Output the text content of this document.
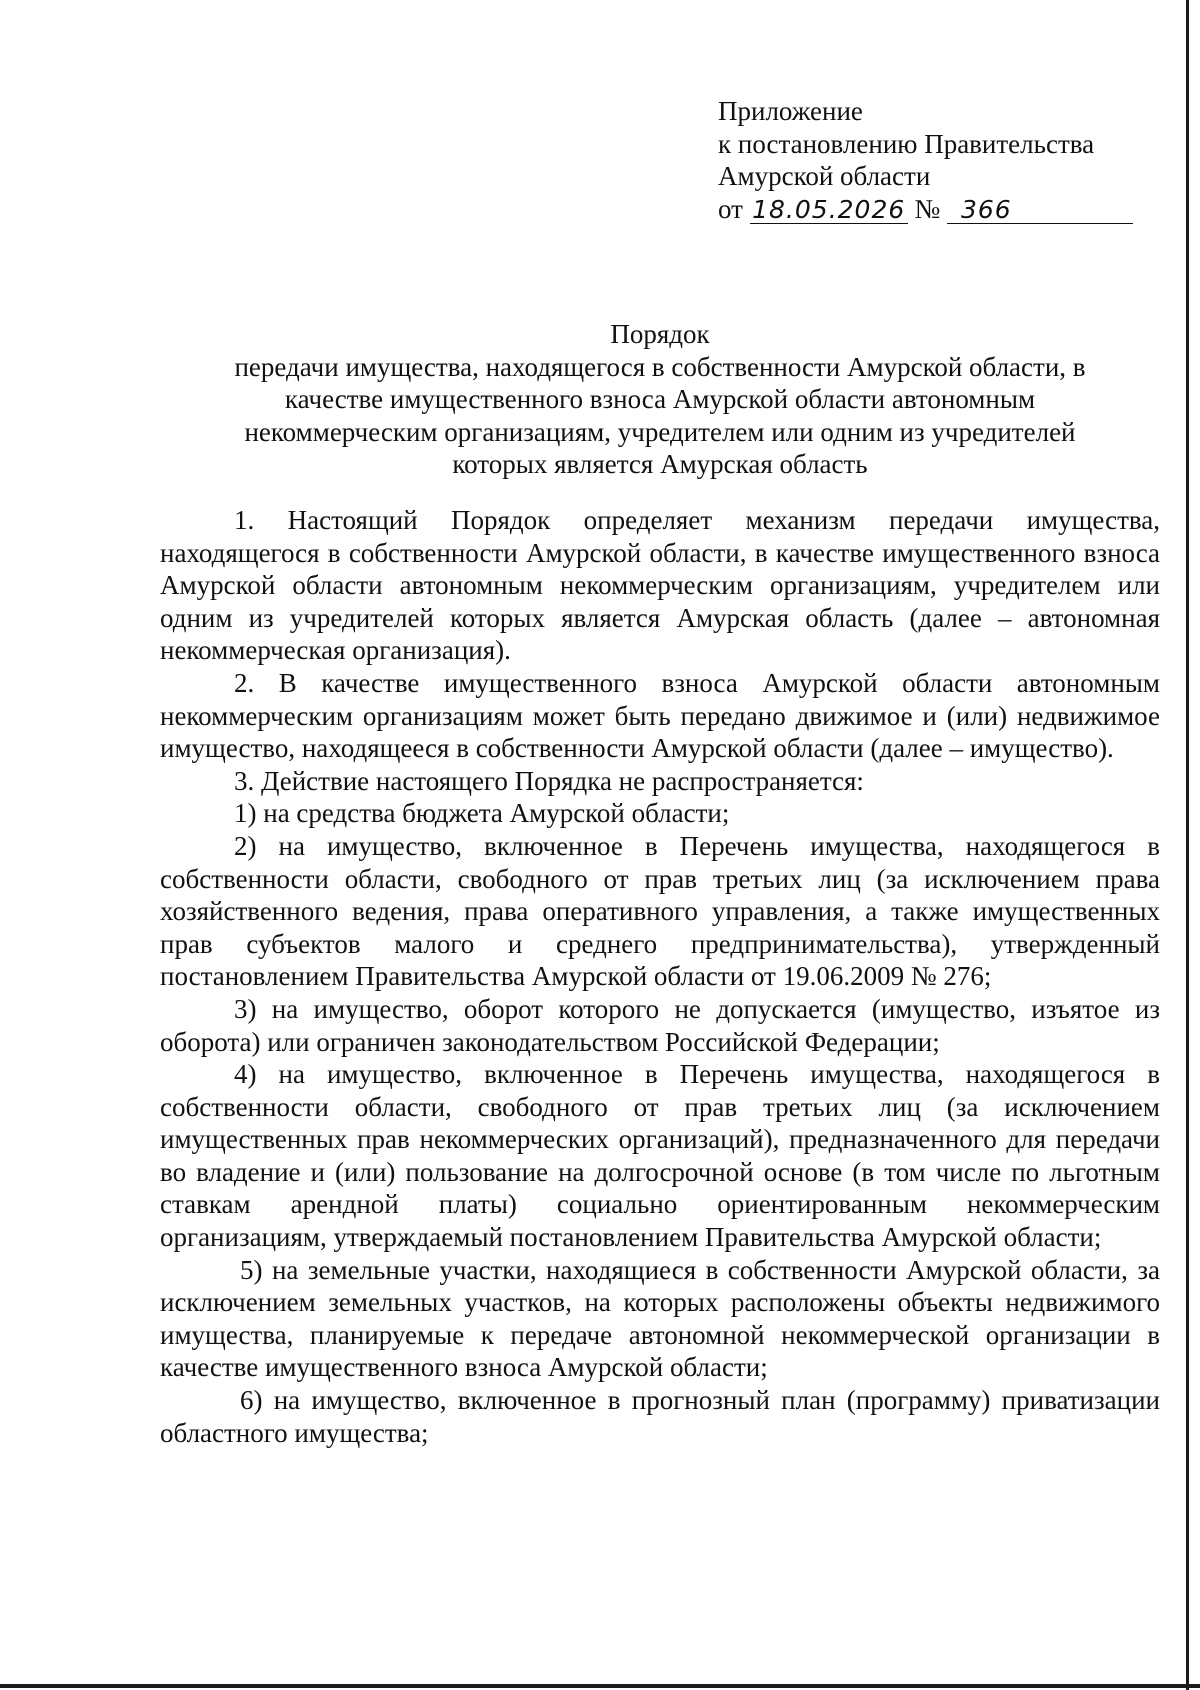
Приложение
к постановлению Правительства
Амурской области
от 18.05.2026 № 366
Порядок
передачи имущества, находящегося в собственности Амурской области, в
качестве имущественного взноса Амурской области автономным
некоммерческим организациям, учредителем или одним из учредителей
которых является Амурская область

1. Настоящий Порядок определяет механизм передачи имущества, находящегося в собственности Амурской области, в качестве имущественного взноса Амурской области автономным некоммерческим организациям, учредителем или одним из учредителей которых является Амурская область (далее – автономная некоммерческая организация).

2. В качестве имущественного взноса Амурской области автономным некоммерческим организациям может быть передано движимое и (или) недвижимое имущество, находящееся в собственности Амурской области (далее – имущество).

3. Действие настоящего Порядка не распространяется:

1) на средства бюджета Амурской области;

2) на имущество, включенное в Перечень имущества, находящегося в собственности области, свободного от прав третьих лиц (за исключением права хозяйственного ведения, права оперативного управления, а также имущественных прав субъектов малого и среднего предпринимательства), утвержденный постановлением Правительства Амурской области от 19.06.2009 № 276;

3) на имущество, оборот которого не допускается (имущество, изъятое из оборота) или ограничен законодательством Российской Федерации;

4) на имущество, включенное в Перечень имущества, находящегося в собственности области, свободного от прав третьих лиц (за исключением имущественных прав некоммерческих организаций), предназначенного для передачи во владение и (или) пользование на долгосрочной основе (в том числе по льготным ставкам арендной платы) социально ориентированным некоммерческим организациям, утверждаемый постановлением Правительства Амурской области;

5) на земельные участки, находящиеся в собственности Амурской области, за исключением земельных участков, на которых расположены объекты недвижимого имущества, планируемые к передаче автономной некоммерческой организации в качестве имущественного взноса Амурской области;

6) на имущество, включенное в прогнозный план (программу) приватизации областного имущества;
